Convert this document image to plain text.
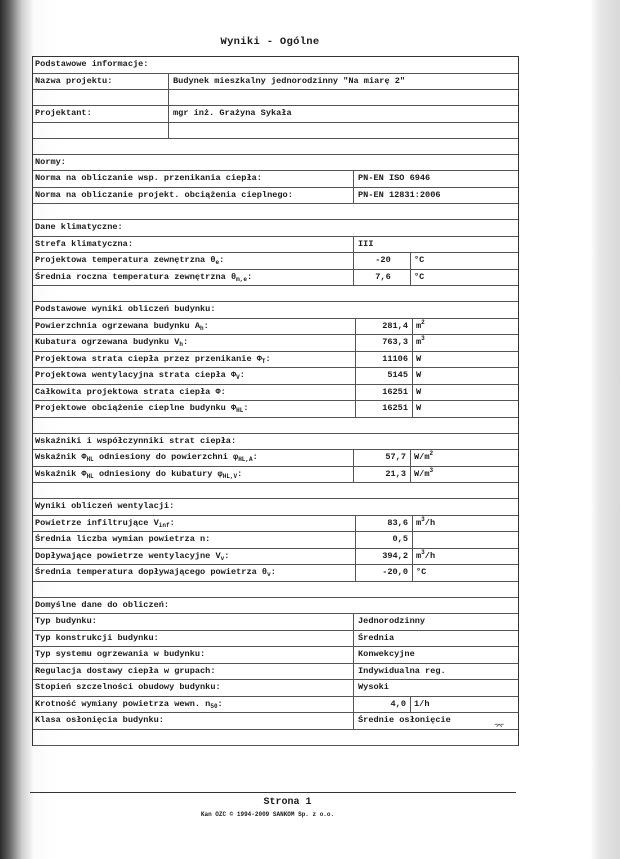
Wyniki - Ogólne
Podstawowe informacje:
Nazwa projektu:	Budynek mieszkalny jednorodzinny "Na miarę 2"
Projektant:	mgr inż. Grażyna Sykała
Normy:
Norma na obliczanie wsp. przenikania ciepła:	PN-EN ISO 6946
Norma na obliczanie projekt. obciążenia cieplnego:	PN-EN 12831:2006
Dane klimatyczne:
Strefa klimatyczna:	III
Projektowa temperatura zewnętrzna $\theta_e$:	-20	°C
Średnia roczna temperatura zewnętrzna $\theta_{m,e}$:	7,6	°C
Podstawowe wyniki obliczeń budynku:
Powierzchnia ogrzewana budynku $A_h$:	281,4 $m^2$
Kubatura ogrzewana budynku $V_h$:	763,3 $m^3$
Projektowa strata ciepła przez przenikanie $\Phi_T$:	11106 W
Projektowa wentylacyjna strata ciepła $\Phi_V$:	5145 W
Całkowita projektowa strata ciepła Φ:	16251 W
Projektowe obciążenie cieplne budynku $\Phi_{HL}$:	16251 W
Wskaźniki i współczynniki strat ciepła:
Wskaźnik $\Phi_{HL}$ odniesiony do powierzchni $\varphi_{HL,A}$:	57,7 $W/m^2$
Wskaźnik $\Phi_{HL}$ odniesiony do kubatury $\varphi_{HL,V}$:	21,3 $W/m^3$
Wyniki obliczeń wentylacji:
Powietrze infiltrujące $V_{inf}$:	83,6 $m^3/h$
Średnia liczba wymian powietrza n:	0,5
Dopływające powietrze wentylacyjne $V_v$:	394,2 $m^3/h$
Średnia temperatura dopływającego powietrza $\theta_v$:	-20,0 °C
Domyślne dane do obliczeń:
Typ budynku:	Jednorodzinny
Typ konstrukcji budynku:	Średnia
Typ systemu ogrzewania w budynku:	Konwekcyjne
Regulacja dostawy ciepła w grupach:	Indywidualna reg.
Stopień szczelności obudowy budynku:	Wysoki
Krotność wymiany powietrza wewn. $n_{50}$:	4,0 1/h
Klasa osłonięcia budynku:	Średnie osłonięcie
⌤
Strona 1
Kan OZC © 1994-2009 SANKOM Sp. z o.o.
